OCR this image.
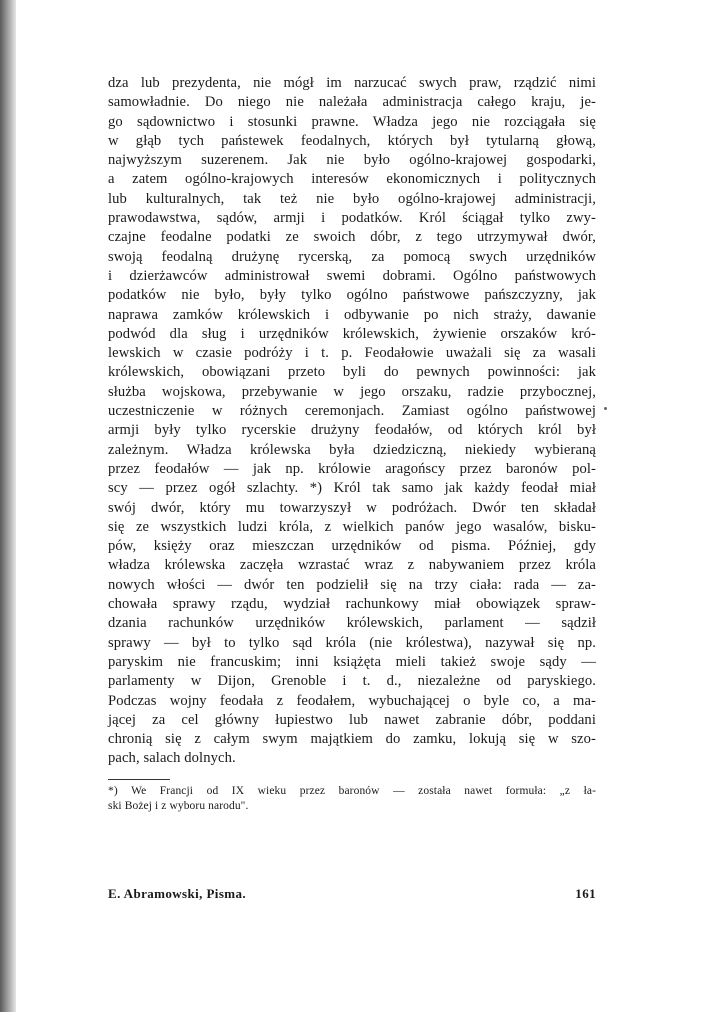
dza lub prezydenta, nie mógł im narzucać swych praw, rządzić nimi
samowładnie. Do niego nie należała administracja całego kraju, je-
go sądownictwo i stosunki prawne. Władza jego nie rozciągała się
w głąb tych państewek feodalnych, których był tytularną głową,
najwyższym suzerenem. Jak nie było ogólno-krajowej gospodarki,
a zatem ogólno-krajowych interesów ekonomicznych i politycznych
lub kulturalnych, tak też nie było ogólno-krajowej administracji,
prawodawstwa, sądów, armji i podatków. Król ściągał tylko zwy-
czajne feodalne podatki ze swoich dóbr, z tego utrzymywał dwór,
swoją feodalną drużynę rycerską, za pomocą swych urzędników
i dzierżawców administrował swemi dobrami. Ogólno państwowych
podatków nie było, były tylko ogólno państwowe pańszczyzny, jak
naprawa zamków królewskich i odbywanie po nich straży, dawanie
podwód dla sług i urzędników królewskich, żywienie orszaków kró-
lewskich w czasie podróży i t. p. Feodałowie uważali się za wasali
królewskich, obowiązani przeto byli do pewnych powinności: jak
służba wojskowa, przebywanie w jego orszaku, radzie przybocznej,
uczestniczenie w różnych ceremonjach. Zamiast ogólno państwowej
armji były tylko rycerskie drużyny feodałów, od których król był
zależnym. Władza królewska była dziedziczną, niekiedy wybieraną
przez feodałów — jak np. królowie aragońscy przez baronów pol-
scy — przez ogół szlachty. *) Król tak samo jak każdy feodał miał
swój dwór, który mu towarzyszył w podróżach. Dwór ten składał
się ze wszystkich ludzi króla, z wielkich panów jego wasalów, bisku-
pów, księży oraz mieszczan urzędników od pisma. Później, gdy
władza królewska zaczęła wzrastać wraz z nabywaniem przez króla
nowych włości — dwór ten podzielił się na trzy ciała: rada — za-
chowała sprawy rządu, wydział rachunkowy miał obowiązek spraw-
dzania rachunków urzędników królewskich, parlament — sądził
sprawy — był to tylko sąd króla (nie królestwa), nazywał się np.
paryskim nie francuskim; inni książęta mieli takież swoje sądy —
parlamenty w Dijon, Grenoble i t. d., niezależne od paryskiego.
Podczas wojny feodała z feodałem, wybuchającej o byle co, a ma-
jącej za cel główny łupiestwo lub nawet zabranie dóbr, poddani
chronią się z całym swym majątkiem do zamku, lokują się w szo-
pach, salach dolnych.
*) We Francji od IX wieku przez baronów — została nawet formuła: „z ła-
ski Bożej i z wyboru narodu".
E. Abramowski, Pisma.	161
